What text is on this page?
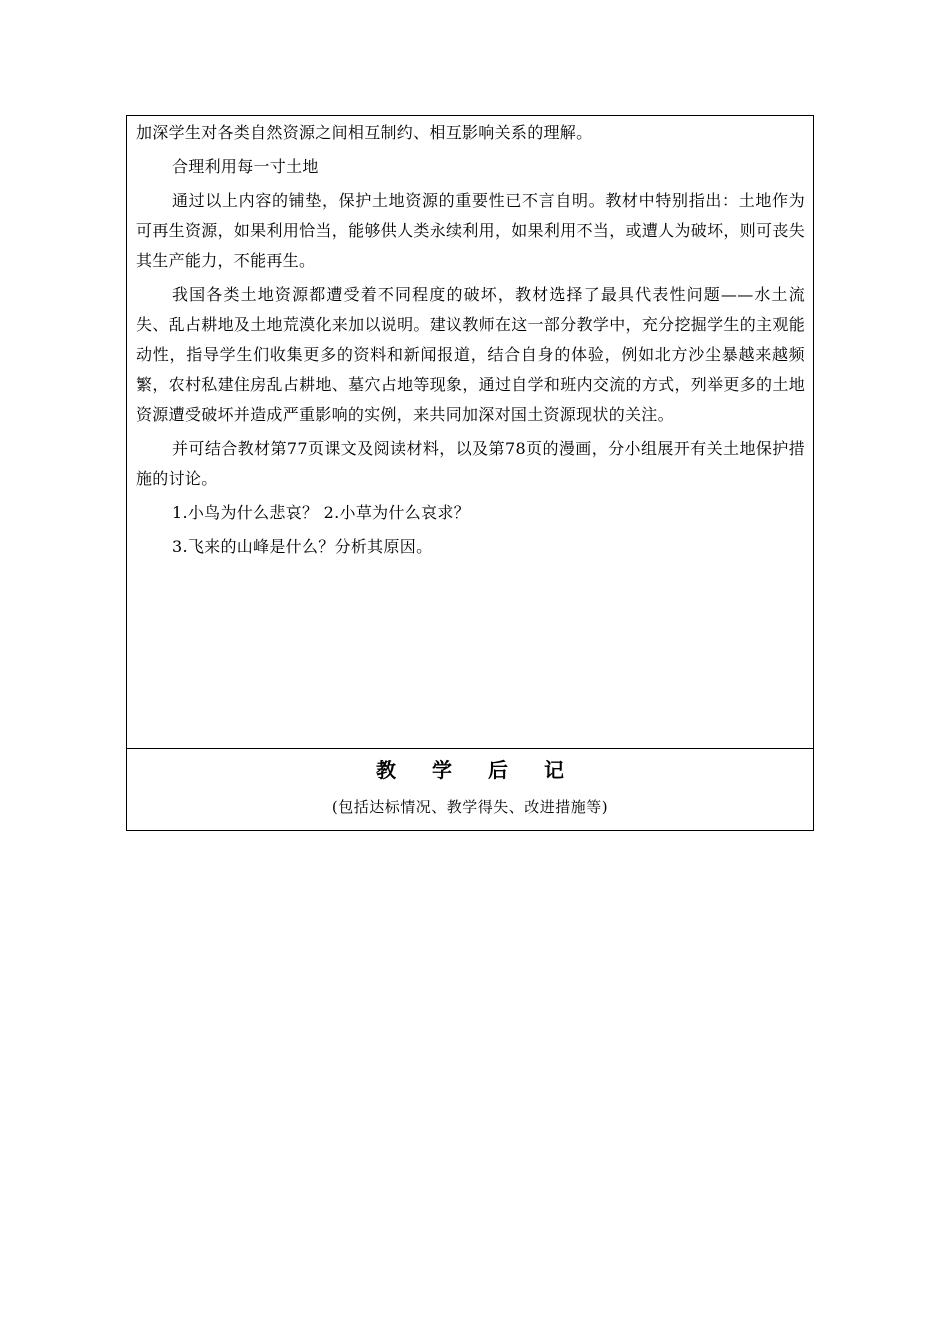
加深学生对各类自然资源之间相互制约、相互影响关系的理解。

合理利用每一寸土地

通过以上内容的铺垫，保护土地资源的重要性已不言自明。教材中特别指出：土地作为可再生资源，如果利用恰当，能够供人类永续利用，如果利用不当，或遭人为破坏，则可丧失其生产能力，不能再生。

我国各类土地资源都遭受着不同程度的破坏，教材选择了最具代表性问题——水土流失、乱占耕地及土地荒漠化来加以说明。建议教师在这一部分教学中，充分挖掘学生的主观能动性，指导学生们收集更多的资料和新闻报道，结合自身的体验，例如北方沙尘暴越来越频繁，农村私建住房乱占耕地、墓穴占地等现象，通过自学和班内交流的方式，列举更多的土地资源遭受破坏并造成严重影响的实例，来共同加深对国土资源现状的关注。

并可结合教材第77页课文及阅读材料，以及第78页的漫画，分小组展开有关土地保护措施的讨论。

1.小鸟为什么悲哀？ 2.小草为什么哀求？

3.飞来的山峰是什么？分析其原因。

教 学 后 记
(包括达标情况、教学得失、改进措施等)
